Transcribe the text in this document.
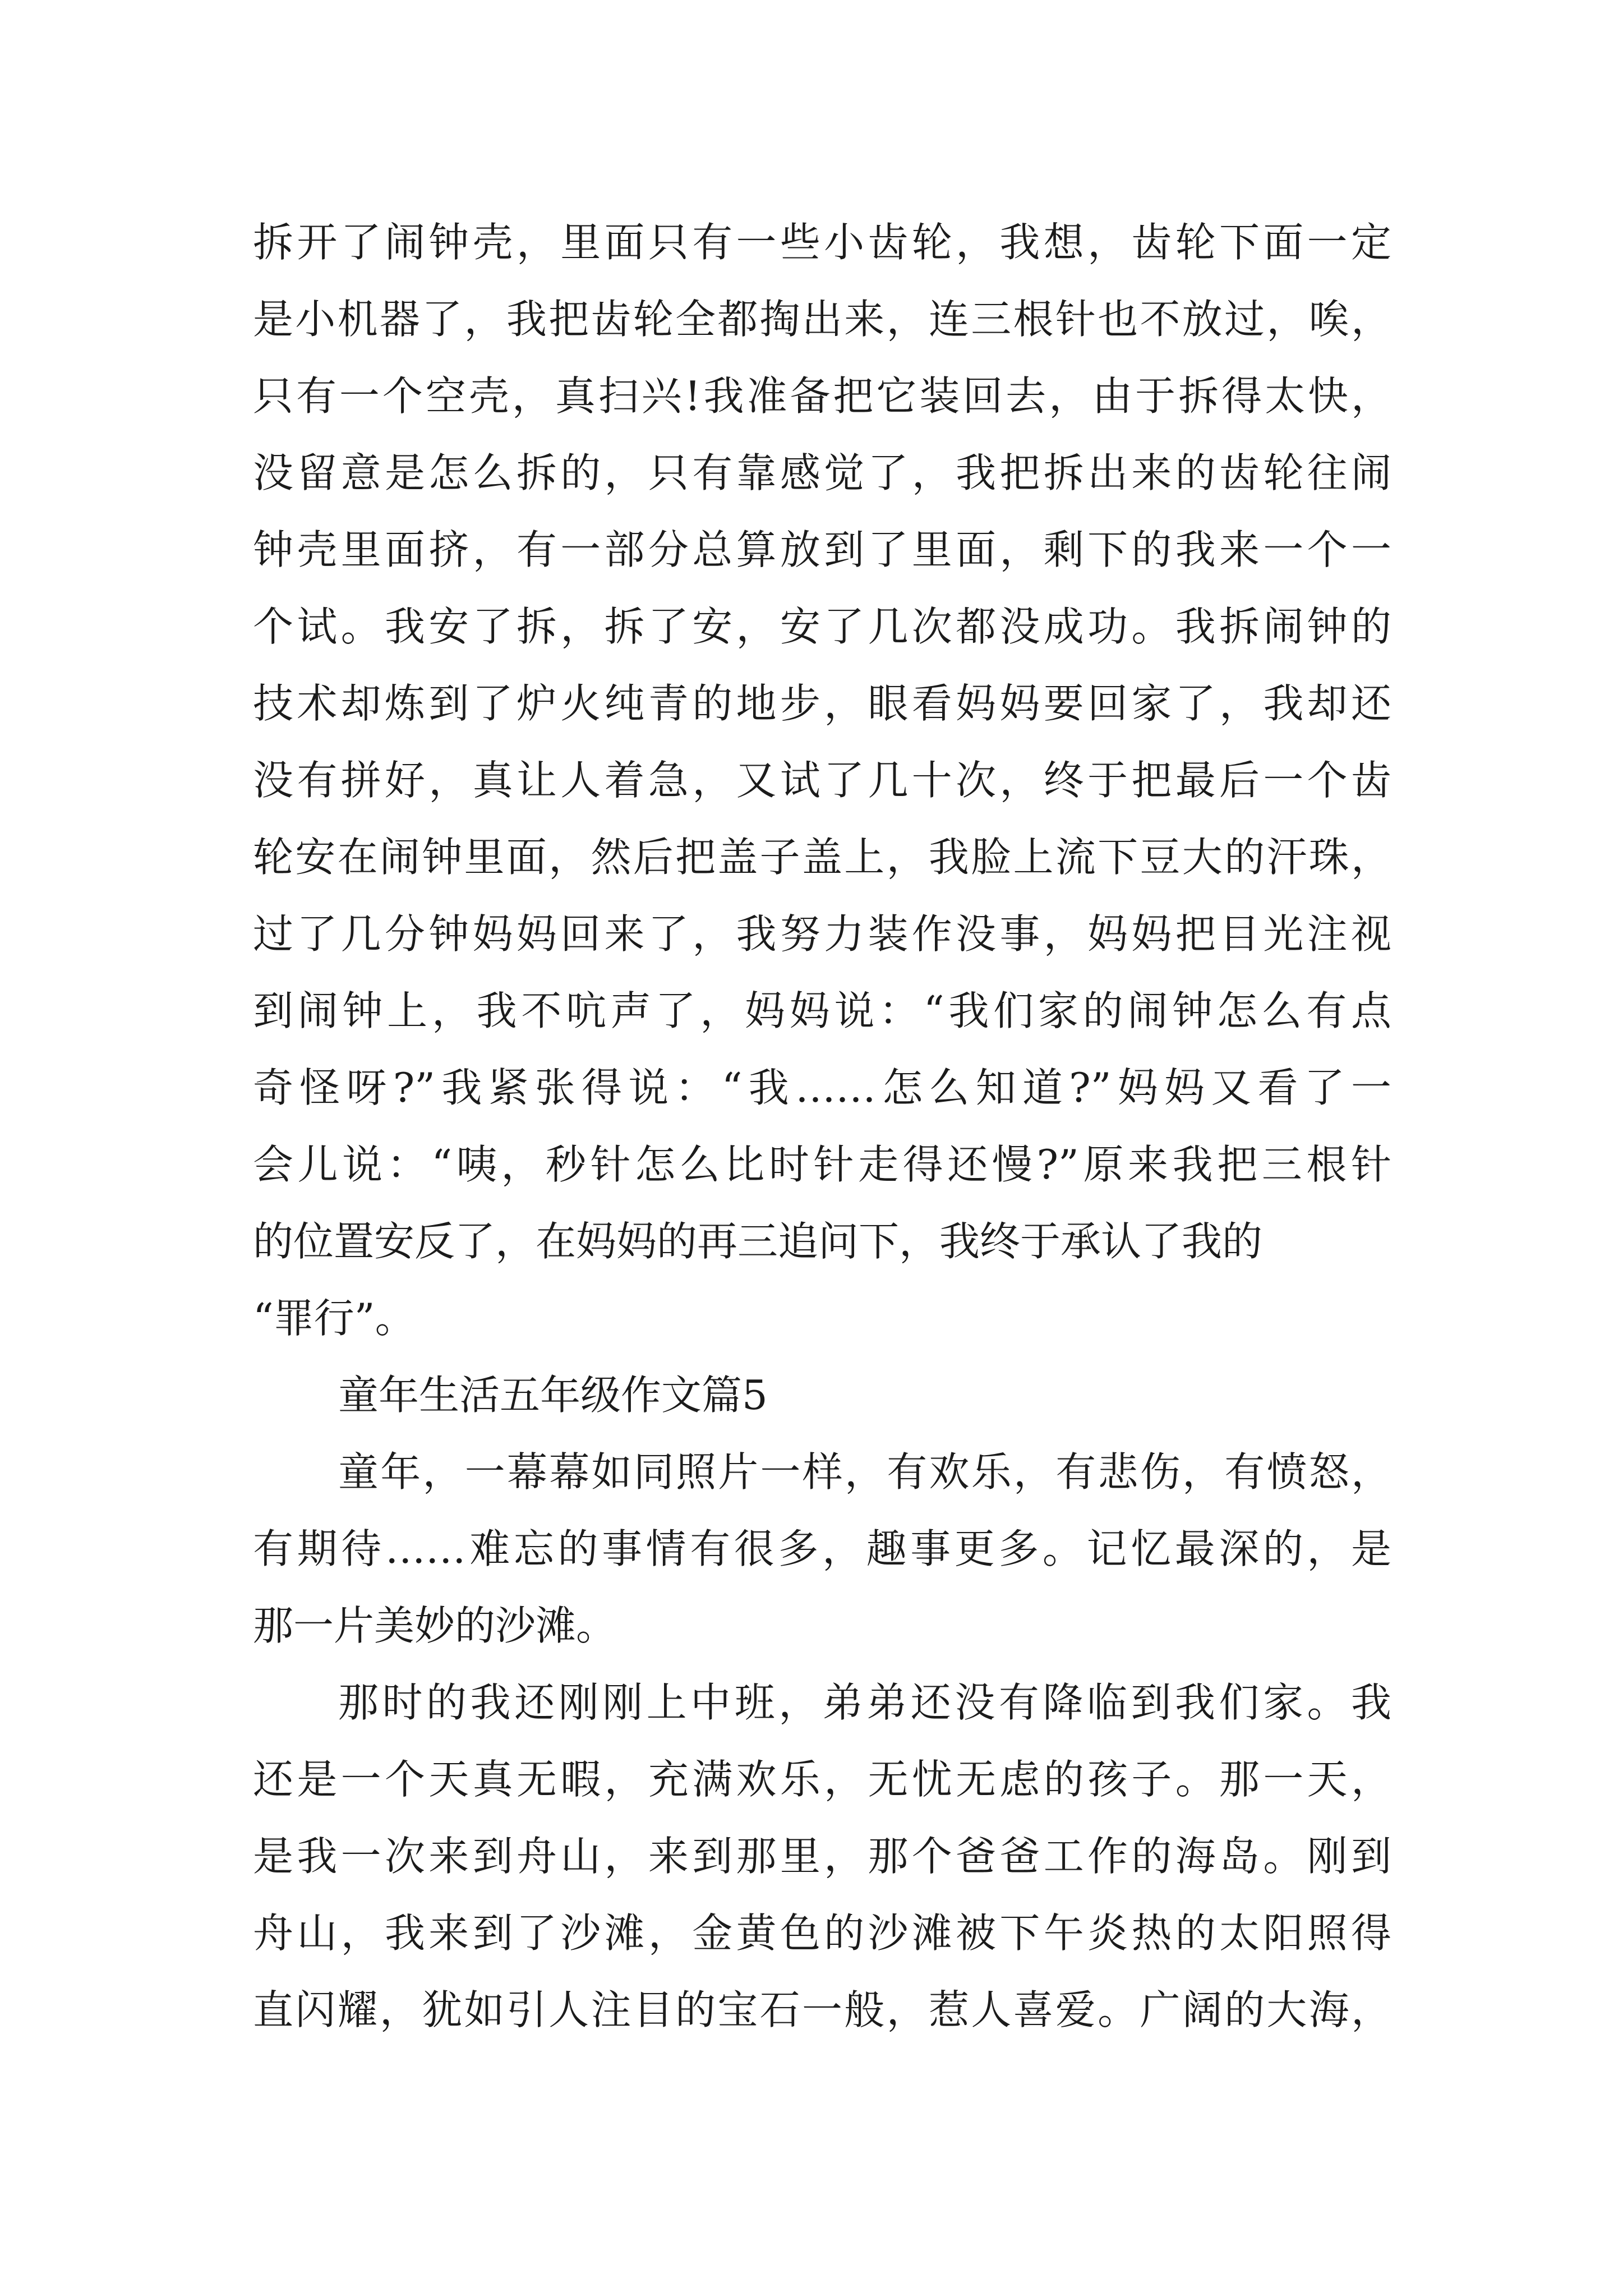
拆开了闹钟壳，里面只有一些小齿轮，我想，齿轮下面一定
是小机器了，我把齿轮全都掏出来，连三根针也不放过，唉，
只有一个空壳，真扫兴!我准备把它装回去，由于拆得太快，
没留意是怎么拆的，只有靠感觉了，我把拆出来的齿轮往闹
钟壳里面挤，有一部分总算放到了里面，剩下的我来一个一
个试。我安了拆，拆了安，安了几次都没成功。我拆闹钟的
技术却炼到了炉火纯青的地步，眼看妈妈要回家了，我却还
没有拼好，真让人着急，又试了几十次，终于把最后一个齿
轮安在闹钟里面，然后把盖子盖上，我脸上流下豆大的汗珠，
过了几分钟妈妈回来了，我努力装作没事，妈妈把目光注视
到闹钟上，我不吭声了，妈妈说：“我们家的闹钟怎么有点
奇怪呀?”我紧张得说：“我……怎么知道?”妈妈又看了一
会儿说：“咦，秒针怎么比时针走得还慢?”原来我把三根针
的位置安反了，在妈妈的再三追问下，我终于承认了我的
“罪行”。
童年生活五年级作文篇5
童年，一幕幕如同照片一样，有欢乐，有悲伤，有愤怒，
有期待……难忘的事情有很多，趣事更多。记忆最深的，是
那一片美妙的沙滩。
那时的我还刚刚上中班，弟弟还没有降临到我们家。我
还是一个天真无暇，充满欢乐，无忧无虑的孩子。那一天，
是我一次来到舟山，来到那里，那个爸爸工作的海岛。刚到
舟山，我来到了沙滩，金黄色的沙滩被下午炎热的太阳照得
直闪耀，犹如引人注目的宝石一般，惹人喜爱。广阔的大海，
